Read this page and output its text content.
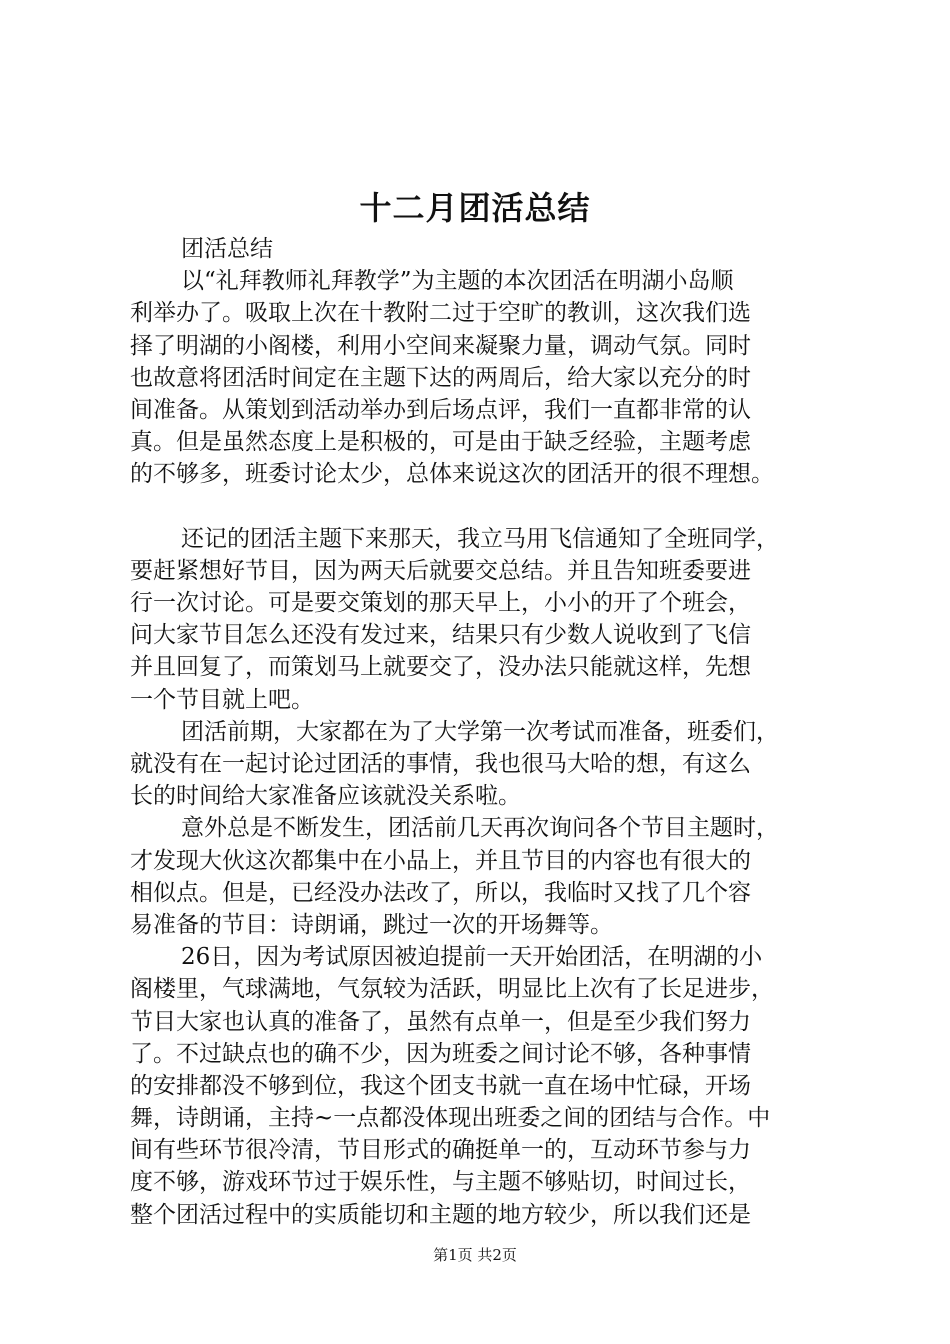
十二月团活总结
团活总结
以“礼拜教师礼拜教学”为主题的本次团活在明湖小岛顺
利举办了。吸取上次在十教附二过于空旷的教训，这次我们选
择了明湖的小阁楼，利用小空间来凝聚力量，调动气氛。同时
也故意将团活时间定在主题下达的两周后，给大家以充分的时
间准备。从策划到活动举办到后场点评，我们一直都非常的认
真。但是虽然态度上是积极的，可是由于缺乏经验，主题考虑
的不够多，班委讨论太少，总体来说这次的团活开的很不理想。
还记的团活主题下来那天，我立马用飞信通知了全班同学，
要赶紧想好节目，因为两天后就要交总结。并且告知班委要进
行一次讨论。可是要交策划的那天早上，小小的开了个班会，
问大家节目怎么还没有发过来，结果只有少数人说收到了飞信
并且回复了，而策划马上就要交了，没办法只能就这样，先想
一个节目就上吧。
团活前期，大家都在为了大学第一次考试而准备，班委们，
就没有在一起讨论过团活的事情，我也很马大哈的想，有这么
长的时间给大家准备应该就没关系啦。
意外总是不断发生，团活前几天再次询问各个节目主题时，
才发现大伙这次都集中在小品上，并且节目的内容也有很大的
相似点。但是，已经没办法改了，所以，我临时又找了几个容
易准备的节目：诗朗诵，跳过一次的开场舞等。
26日，因为考试原因被迫提前一天开始团活，在明湖的小
阁楼里，气球满地，气氛较为活跃，明显比上次有了长足进步，
节目大家也认真的准备了，虽然有点单一，但是至少我们努力
了。不过缺点也的确不少，因为班委之间讨论不够，各种事情
的安排都没不够到位，我这个团支书就一直在场中忙碌，开场
舞，诗朗诵，主持~一点都没体现出班委之间的团结与合作。中
间有些环节很冷清，节目形式的确挺单一的，互动环节参与力
度不够，游戏环节过于娱乐性，与主题不够贴切，时间过长，
整个团活过程中的实质能切和主题的地方较少，所以我们还是
第1页 共2页
